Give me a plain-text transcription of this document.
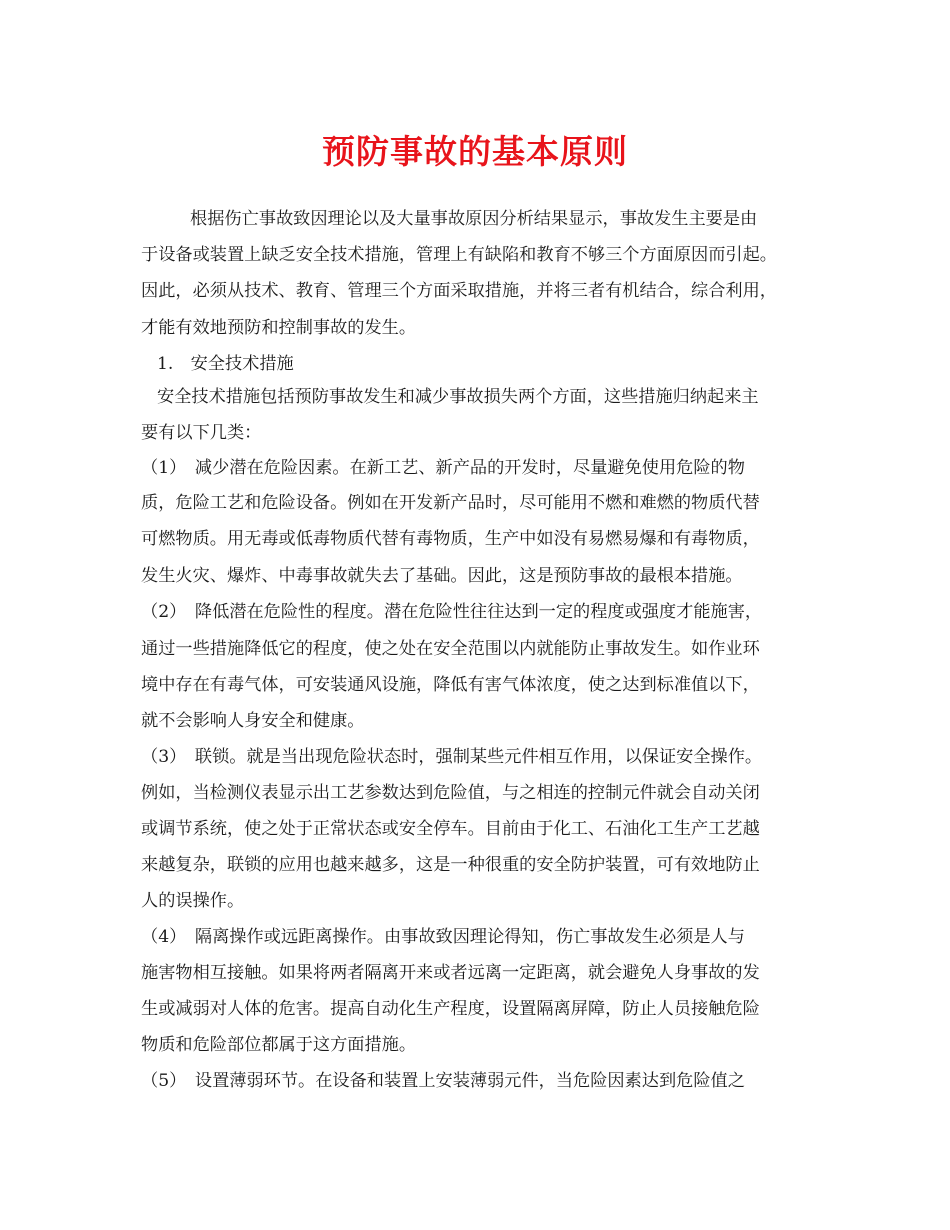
预防事故的基本原则
根据伤亡事故致因理论以及大量事故原因分析结果显示，事故发生主要是由
于设备或装置上缺乏安全技术措施，管理上有缺陷和教育不够三个方面原因而引起。
因此，必须从技术、教育、管理三个方面采取措施，并将三者有机结合，综合利用，
才能有效地预防和控制事故的发生。
1.　安全技术措施
安全技术措施包括预防事故发生和减少事故损失两个方面，这些措施归纳起来主
要有以下几类：
（1）　减少潜在危险因素。在新工艺、新产品的开发时，尽量避免使用危险的物
质，危险工艺和危险设备。例如在开发新产品时，尽可能用不燃和难燃的物质代替
可燃物质。用无毒或低毒物质代替有毒物质，生产中如没有易燃易爆和有毒物质，
发生火灾、爆炸、中毒事故就失去了基础。因此，这是预防事故的最根本措施。
（2）　降低潜在危险性的程度。潜在危险性往往达到一定的程度或强度才能施害，
通过一些措施降低它的程度，使之处在安全范围以内就能防止事故发生。如作业环
境中存在有毒气体，可安装通风设施，降低有害气体浓度，使之达到标准值以下，
就不会影响人身安全和健康。
（3）　联锁。就是当出现危险状态时，强制某些元件相互作用，以保证安全操作。
例如，当检测仪表显示出工艺参数达到危险值，与之相连的控制元件就会自动关闭
或调节系统，使之处于正常状态或安全停车。目前由于化工、石油化工生产工艺越
来越复杂，联锁的应用也越来越多，这是一种很重的安全防护装置，可有效地防止
人的误操作。
（4）　隔离操作或远距离操作。由事故致因理论得知，伤亡事故发生必须是人与
施害物相互接触。如果将两者隔离开来或者远离一定距离，就会避免人身事故的发
生或减弱对人体的危害。提高自动化生产程度，设置隔离屏障，防止人员接触危险
物质和危险部位都属于这方面措施。
（5）　设置薄弱环节。在设备和装置上安装薄弱元件，当危险因素达到危险值之
